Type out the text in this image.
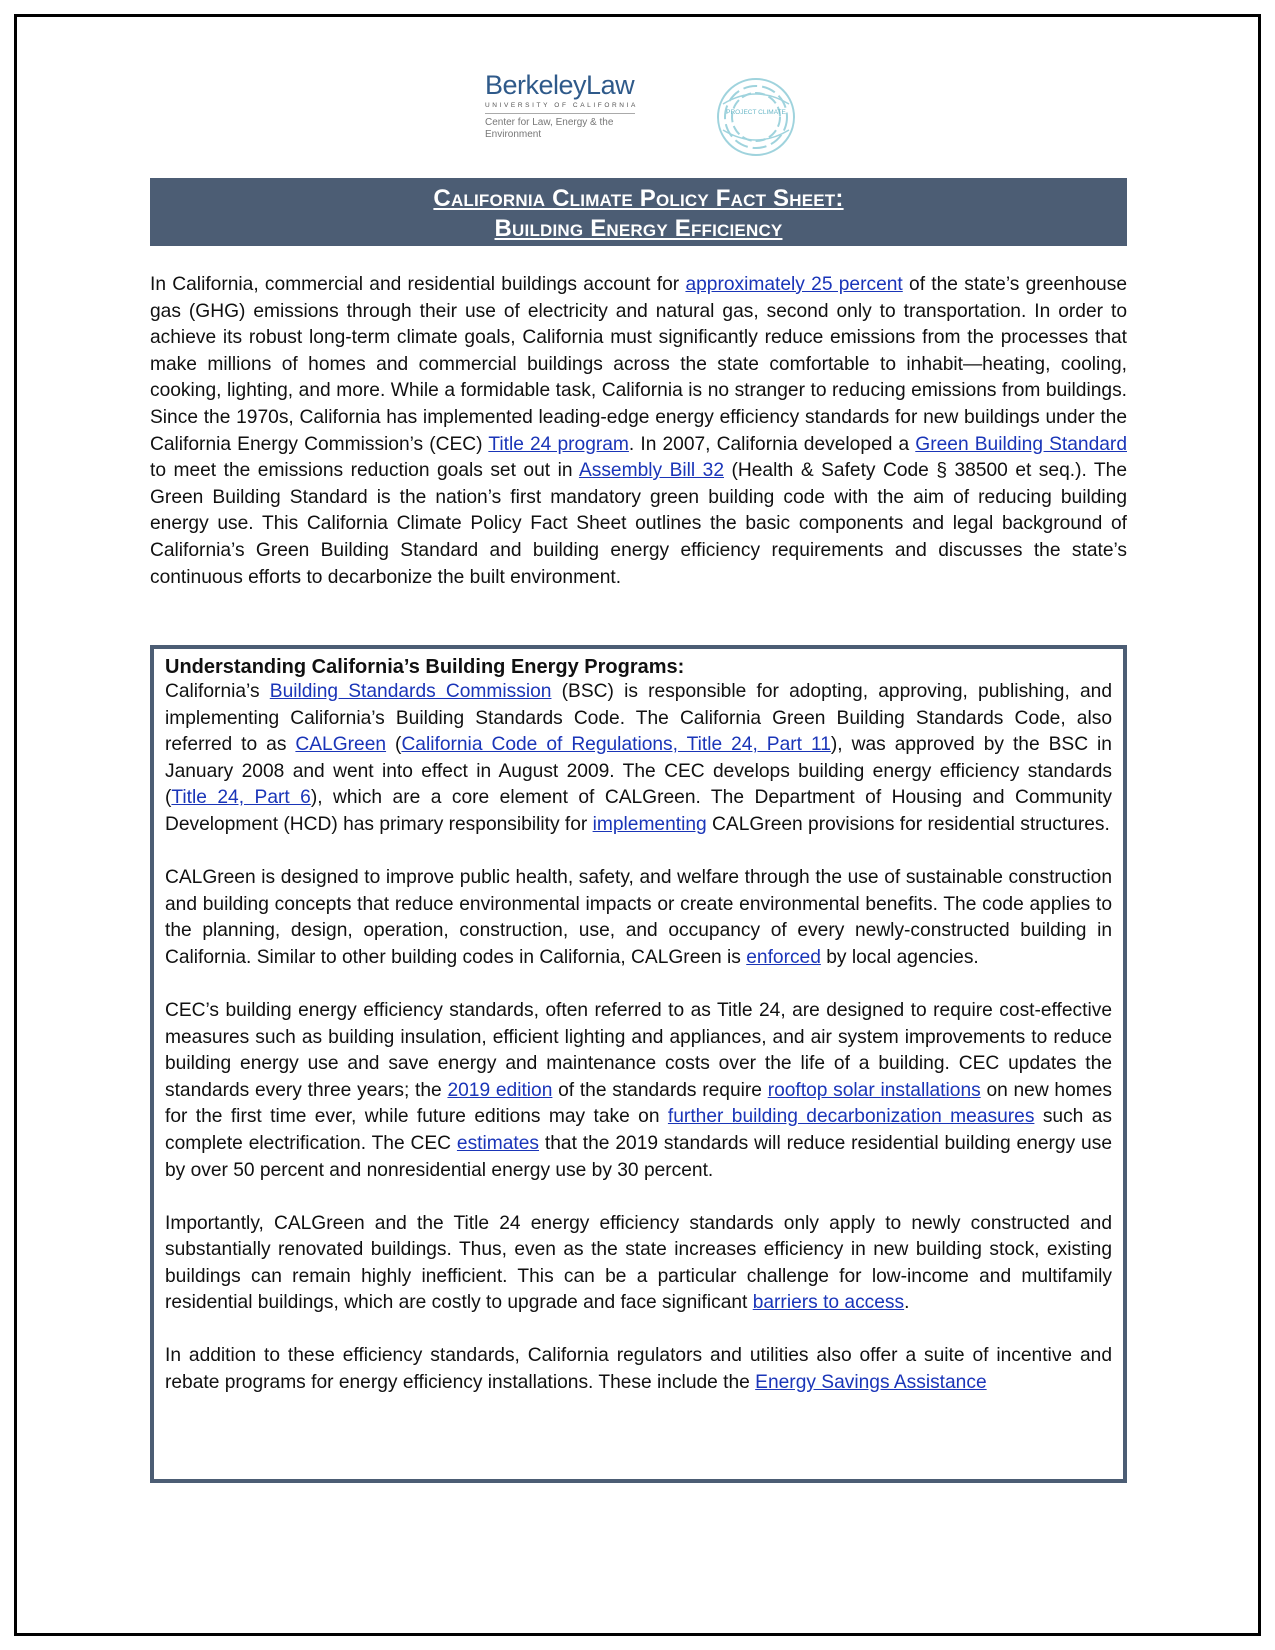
BerkeleyLaw
UNIVERSITY OF CALIFORNIA
Center for Law, Energy & the Environment
PROJECT CLIMATE
California Climate Policy Fact Sheet:
Building Energy Efficiency

In California, commercial and residential buildings account for approximately 25 percent of the state’s greenhouse gas (GHG) emissions through their use of electricity and natural gas, second only to transportation. In order to achieve its robust long-term climate goals, California must significantly reduce emissions from the processes that make millions of homes and commercial buildings across the state comfortable to inhabit—heating, cooling, cooking, lighting, and more. While a formidable task, California is no stranger to reducing emissions from buildings. Since the 1970s, California has implemented leading-edge energy efficiency standards for new buildings under the California Energy Commission’s (CEC) Title 24 program. In 2007, California developed a Green Building Standard to meet the emissions reduction goals set out in Assembly Bill 32 (Health & Safety Code § 38500 et seq.). The Green Building Standard is the nation’s first mandatory green building code with the aim of reducing building energy use. This California Climate Policy Fact Sheet outlines the basic components and legal background of California’s Green Building Standard and building energy efficiency requirements and discusses the state’s continuous efforts to decarbonize the built environment.

Understanding California’s Building Energy Programs:

California’s Building Standards Commission (BSC) is responsible for adopting, approving, publishing, and implementing California’s Building Standards Code. The California Green Building Standards Code, also referred to as CALGreen (California Code of Regulations, Title 24, Part 11), was approved by the BSC in January 2008 and went into effect in August 2009. The CEC develops building energy efficiency standards (Title 24, Part 6), which are a core element of CALGreen. The Department of Housing and Community Development (HCD) has primary responsibility for implementing CALGreen provisions for residential structures.

CALGreen is designed to improve public health, safety, and welfare through the use of sustainable construction and building concepts that reduce environmental impacts or create environmental benefits. The code applies to the planning, design, operation, construction, use, and occupancy of every newly-constructed building in California. Similar to other building codes in California, CALGreen is enforced by local agencies.

CEC’s building energy efficiency standards, often referred to as Title 24, are designed to require cost-effective measures such as building insulation, efficient lighting and appliances, and air system improvements to reduce building energy use and save energy and maintenance costs over the life of a building. CEC updates the standards every three years; the 2019 edition of the standards require rooftop solar installations on new homes for the first time ever, while future editions may take on further building decarbonization measures such as complete electrification. The CEC estimates that the 2019 standards will reduce residential building energy use by over 50 percent and nonresidential energy use by 30 percent.

Importantly, CALGreen and the Title 24 energy efficiency standards only apply to newly constructed and substantially renovated buildings. Thus, even as the state increases efficiency in new building stock, existing buildings can remain highly inefficient. This can be a particular challenge for low-income and multifamily residential buildings, which are costly to upgrade and face significant barriers to access.

In addition to these efficiency standards, California regulators and utilities also offer a suite of incentive and rebate programs for energy efficiency installations. These include the Energy Savings Assistance
